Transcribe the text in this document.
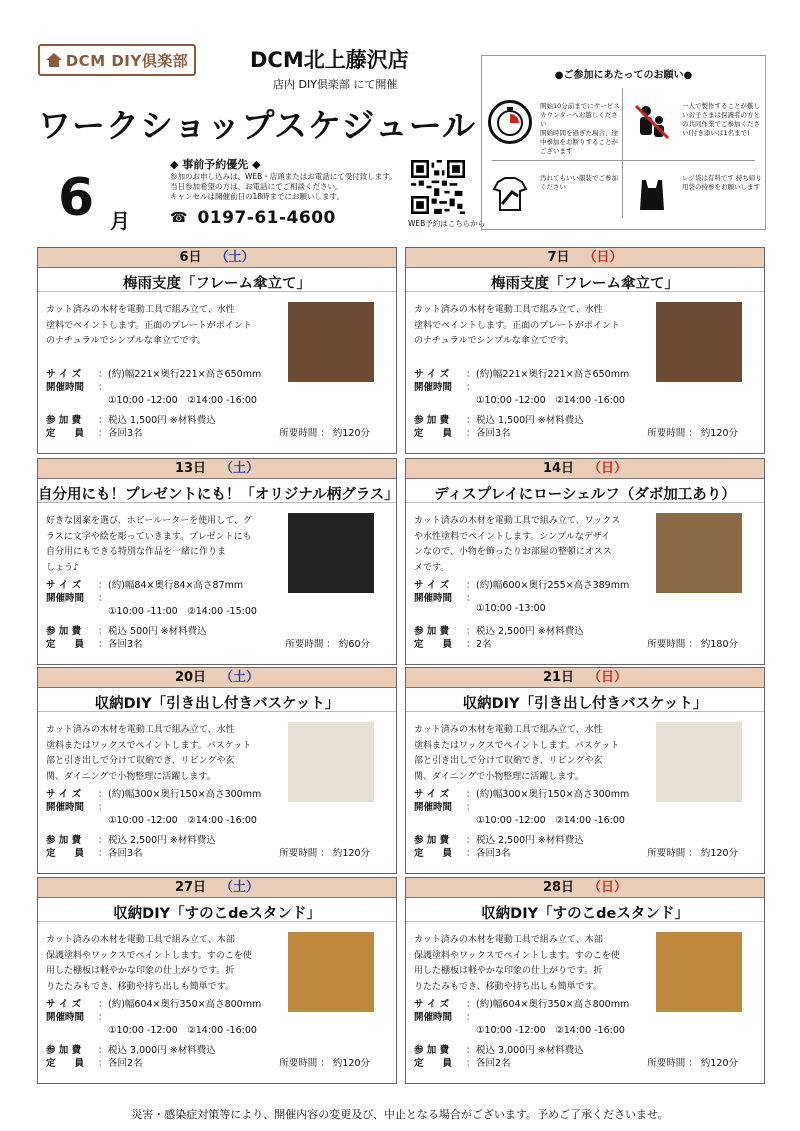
DCM DIY倶楽部	DCM北上藤沢店
店内 DIY倶楽部 にて開催
ワークショップスケジュール
6 月
◆ 事前予約優先 ◆
参加のお申し込みは、WEB・店頭またはお電話にて受付致します。
当日参加希望の方は、お電話にてご相談ください。
キャンセルは開催前日の18時までにお願いします。
☎ 0197-61-4600	WEB予約はこちらから
●ご参加にあたってのお願い●
開始10分前までにサービスカウンターへお越しください
開始時間を過ぎた場合、途中参加をお断りすることがございます
一人で製作することが難しいお子さまは保護者の方との共同作業でご参加ください(付き添いは1名まで)
汚れてもいい服装でご参加ください
レジ袋は有料です 持ち帰り用袋の持参をお願いします
6日 （土）
梅雨支度「フレーム傘立て」
カット済みの木材を電動工具で組み立て、水性
塗料でペイントします。正面のプレートがポイント
のナチュラルでシンプルな傘立てです。
サ イ ズ ：(約)幅221×奥行221×高さ650mm
開催時間 ：
①10:00 -12:00　②14:00 -16:00
参 加 費	： 税込 1,500円 ※材料費込
定　　員	： 各回3名	所要時間 ： 約120分
7日 （日）
梅雨支度「フレーム傘立て」
カット済みの木材を電動工具で組み立て、水性
塗料でペイントします。正面のプレートがポイント
のナチュラルでシンプルな傘立てです。
サ イ ズ ：(約)幅221×奥行221×高さ650mm
開催時間 ：
①10:00 -12:00　②14:00 -16:00
参 加 費	： 税込 1,500円 ※材料費込
定　　員	： 各回3名	所要時間 ： 約120分
13日 （土）
自分用にも！プレゼントにも！「オリジナル柄グラス」
好きな図案を選び、ホビールーターを使用して、グ
ラスに文字や絵を彫っていきます。プレゼントにも
自分用にもできる特別な作品を一緒に作りま
しょう♪
サ イ ズ ：(約)幅84×奥行84×高さ87mm
開催時間 ：
①10:00 -11:00　②14:00 -15:00
参 加 費	： 税込 500円 ※材料費込
定　　員	： 各回3名	所要時間 ： 約60分
14日 （日）
ディスプレイにローシェルフ（ダボ加工あり）
カット済みの木材を電動工具で組み立て、ワックス
や水性塗料でペイントします。シンプルなデザイ
ンなので、小物を飾ったりお部屋の整頓にオスス
メです。
サ イ ズ ：(約)幅600×奥行255×高さ389mm
開催時間 ：
①10:00 -13:00
参 加 費	： 税込 2,500円 ※材料費込
定　　員	： 2名	所要時間 ： 約180分
20日 （土）
収納DIY「引き出し付きバスケット」
カット済みの木材を電動工具で組み立て、水性
塗料またはワックスでペイントします。バスケット
部と引き出しで分けて収納でき、リビングや玄
関、ダイニングで小物整理に活躍します。
サ イ ズ ：(約)幅300×奥行150×高さ300mm
開催時間 ：
①10:00 -12:00　②14:00 -16:00
参 加 費	： 税込 2,500円 ※材料費込
定　　員	： 各回3名	所要時間 ： 約120分
21日 （日）
収納DIY「引き出し付きバスケット」
カット済みの木材を電動工具で組み立て、水性
塗料またはワックスでペイントします。バスケット
部と引き出しで分けて収納でき、リビングや玄
関、ダイニングで小物整理に活躍します。
サ イ ズ ：(約)幅300×奥行150×高さ300mm
開催時間 ：
①10:00 -12:00　②14:00 -16:00
参 加 費	： 税込 2,500円 ※材料費込
定　　員	： 各回3名	所要時間 ： 約120分
27日 （土）
収納DIY「すのこdeスタンド」
カット済みの木材を電動工具で組み立て、木部
保護塗料やワックスでペイントします。すのこを使
用した棚板は軽やかな印象の仕上がりです。折
りたたみもでき、移動や持ち出しも簡単です。
サ イ ズ ：(約)幅604×奥行350×高さ800mm
開催時間 ：
①10:00 -12:00　②14:00 -16:00
参 加 費	： 税込 3,000円 ※材料費込
定　　員	： 各回2名	所要時間 ： 約120分
28日 （日）
収納DIY「すのこdeスタンド」
カット済みの木材を電動工具で組み立て、木部
保護塗料やワックスでペイントします。すのこを使
用した棚板は軽やかな印象の仕上がりです。折
りたたみもでき、移動や持ち出しも簡単です。
サ イ ズ ：(約)幅604×奥行350×高さ800mm
開催時間 ：
①10:00 -12:00　②14:00 -16:00
参 加 費	： 税込 3,000円 ※材料費込
定　　員	： 各回2名	所要時間 ： 約120分
災害・感染症対策等により、開催内容の変更及び、中止となる場合がございます。予めご了承くださいませ。
